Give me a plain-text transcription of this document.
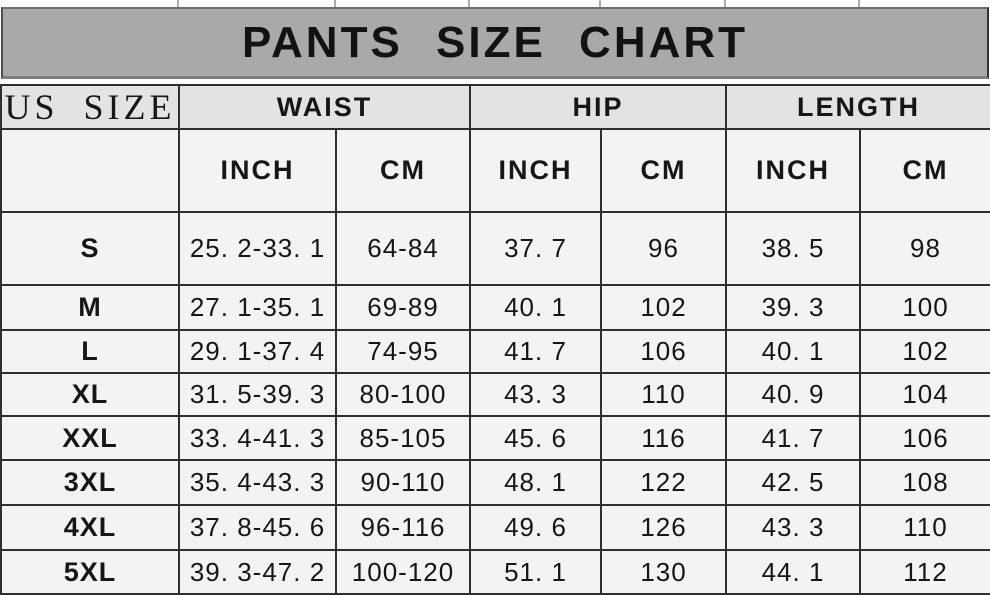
PANTS SIZE CHART
US SIZE	WAIST		HIP		LENGTH	
	INCH	CM	INCH	CM	INCH	CM
S	25. 2-33. 1	64-84	37. 7	96	38. 5	98
M	27. 1-35. 1	69-89	40. 1	102	39. 3	100
L	29. 1-37. 4	74-95	41. 7	106	40. 1	102
XL	31. 5-39. 3	80-100	43. 3	110	40. 9	104
XXL	33. 4-41. 3	85-105	45. 6	116	41. 7	106
3XL	35. 4-43. 3	90-110	48. 1	122	42. 5	108
4XL	37. 8-45. 6	96-116	49. 6	126	43. 3	110
5XL	39. 3-47. 2	100-120	51. 1	130	44. 1	112
